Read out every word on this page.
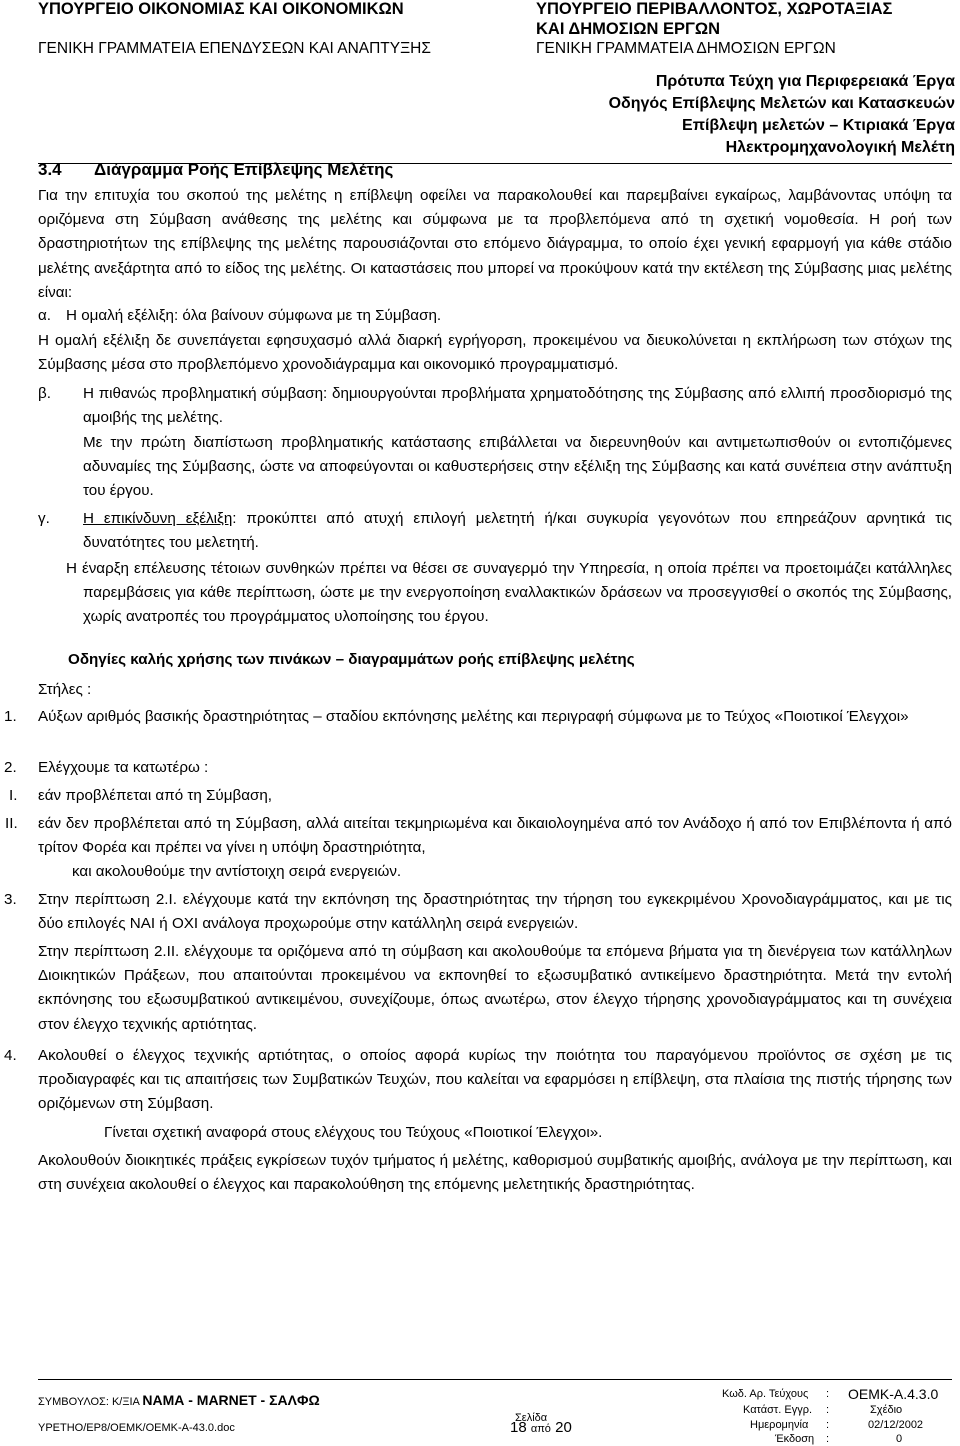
ΥΠΟΥΡΓΕΙΟ ΟΙΚΟΝΟΜΙΑΣ ΚΑΙ ΟΙΚΟΝΟΜΙΚΩΝ
ΓΕΝΙΚΗ ΓΡΑΜΜΑΤΕΙΑ ΕΠΕΝΔΥΣΕΩΝ ΚΑΙ ΑΝΑΠΤΥΞΗΣ
ΥΠΟΥΡΓΕΙΟ ΠΕΡΙΒΑΛΛΟΝΤΟΣ, ΧΩΡΟΤΑΞΙΑΣ
ΚΑΙ ΔΗΜΟΣΙΩΝ ΕΡΓΩΝ
ΓΕΝΙΚΗ ΓΡΑΜΜΑΤΕΙΑ ΔΗΜΟΣΙΩΝ ΕΡΓΩΝ
Πρότυπα Τεύχη για Περιφερειακά Έργα
Οδηγός Επίβλεψης Μελετών και Κατασκευών
Επίβλεψη μελετών – Κτιριακά Έργα
Ηλεκτρομηχανολογική Μελέτη
3.4 Διάγραμμα Ροής Επίβλεψης Μελέτης
Για την επιτυχία του σκοπού της μελέτης η επίβλεψη οφείλει να παρακολουθεί και παρεμβαίνει εγκαίρως, λαμβάνοντας υπόψη τα οριζόμενα στη Σύμβαση ανάθεσης της μελέτης και σύμφωνα με τα προβλεπόμενα από τη σχετική νομοθεσία. Η ροή των δραστηριοτήτων της επίβλεψης της μελέτης παρουσιάζονται στο επόμενο διάγραμμα, το οποίο έχει γενική εφαρμογή για κάθε στάδιο μελέτης ανεξάρτητα από το είδος της μελέτης. Οι καταστάσεις που μπορεί να προκύψουν κατά την εκτέλεση της Σύμβασης μιας μελέτης είναι:
α. Η ομαλή εξέλιξη: όλα βαίνουν σύμφωνα με τη Σύμβαση.
Η ομαλή εξέλιξη δε συνεπάγεται εφησυχασμό αλλά διαρκή εγρήγορση, προκειμένου να διευκολύνεται η εκπλήρωση των στόχων της Σύμβασης μέσα στο προβλεπόμενο χρονοδιάγραμμα και οικονομικό προγραμματισμό.
β. Η πιθανώς προβληματική σύμβαση: δημιουργούνται προβλήματα χρηματοδότησης της Σύμβασης από ελλιπή προσδιορισμό της αμοιβής της μελέτης.
Με την πρώτη διαπίστωση προβληματικής κατάστασης επιβάλλεται να διερευνηθούν και αντιμετωπισθούν οι εντοπιζόμενες αδυναμίες της Σύμβασης, ώστε να αποφεύγονται οι καθυστερήσεις στην εξέλιξη της Σύμβασης και κατά συνέπεια στην ανάπτυξη του έργου.
γ. Η επικίνδυνη εξέλιξη: προκύπτει από ατυχή επιλογή μελετητή ή/και συγκυρία γεγονότων που επηρεάζουν αρνητικά τις δυνατότητες του μελετητή.
Η έναρξη επέλευσης τέτοιων συνθηκών πρέπει να θέσει σε συναγερμό την Υπηρεσία, η οποία πρέπει να προετοιμάζει κατάλληλες παρεμβάσεις για κάθε περίπτωση, ώστε με την ενεργοποίηση εναλλακτικών δράσεων να προσεγγισθεί ο σκοπός της Σύμβασης, χωρίς ανατροπές του προγράμματος υλοποίησης του έργου.
Οδηγίες καλής χρήσης των πινάκων – διαγραμμάτων ροής επίβλεψης μελέτης
Στήλες :
1. Αύξων αριθμός βασικής δραστηριότητας – σταδίου εκπόνησης μελέτης και περιγραφή σύμφωνα με το Τεύχος «Ποιοτικοί Έλεγχοι»
2. Ελέγχουμε τα κατωτέρω :
I. εάν προβλέπεται από τη Σύμβαση,
II. εάν δεν προβλέπεται από τη Σύμβαση, αλλά αιτείται τεκμηριωμένα και δικαιολογημένα από τον Ανάδοχο ή από τον Επιβλέποντα ή από τρίτον Φορέα και πρέπει να γίνει η υπόψη δραστηριότητα,
και ακολουθούμε την αντίστοιχη σειρά ενεργειών.
3. Στην περίπτωση 2.Ι. ελέγχουμε κατά την εκπόνηση της δραστηριότητας την τήρηση του εγκεκριμένου Χρονοδιαγράμματος, και με τις δύο επιλογές ΝΑΙ ή ΟΧΙ ανάλογα προχωρούμε στην κατάλληλη σειρά ενεργειών.
Στην περίπτωση 2.ΙΙ. ελέγχουμε τα οριζόμενα από τη σύμβαση και ακολουθούμε τα επόμενα βήματα για τη διενέργεια των κατάλληλων Διοικητικών Πράξεων, που απαιτούνται προκειμένου να εκπονηθεί το εξωσυμβατικό αντικείμενο δραστηριότητα. Μετά την εντολή εκπόνησης του εξωσυμβατικού αντικειμένου, συνεχίζουμε, όπως ανωτέρω, στον έλεγχο τήρησης χρονοδιαγράμματος και τη συνέχεια στον έλεγχο τεχνικής αρτιότητας.
4. Ακολουθεί ο έλεγχος τεχνικής αρτιότητας, ο οποίος αφορά κυρίως την ποιότητα του παραγόμενου προϊόντος σε σχέση με τις προδιαγραφές και τις απαιτήσεις των Συμβατικών Τευχών, που καλείται να εφαρμόσει η επίβλεψη, στα πλαίσια της πιστής τήρησης των οριζόμενων στη Σύμβαση.
Γίνεται σχετική αναφορά στους ελέγχους του Τεύχους «Ποιοτικοί Έλεγχοι».
Ακολουθούν διοικητικές πράξεις εγκρίσεων τυχόν τμήματος ή μελέτης, καθορισμού συμβατικής αμοιβής, ανάλογα με την περίπτωση, και στη συνέχεια ακολουθεί ο έλεγχος και παρακολούθηση της επόμενης μελετητικής δραστηριότητας.
ΣΥΜΒΟΥΛΟΣ: Κ/ΞΙΑ ΝΑΜΑ - MARNET - ΣΑΛΦΩ
ΥΡΕΤΗΟ/ΕΡ8/ΟΕΜΚ/ΟΕΜΚ-Α-43.0.doc
Σελίδα
18 από 20
Κωδ. Αρ. Τεύχους : ΟΕΜΚ-Α.4.3.0
Σχέδιο
Κατάστ. Εγγρ. :
Ημερομηνία :	02/12/2002
Έκδοση :	0
